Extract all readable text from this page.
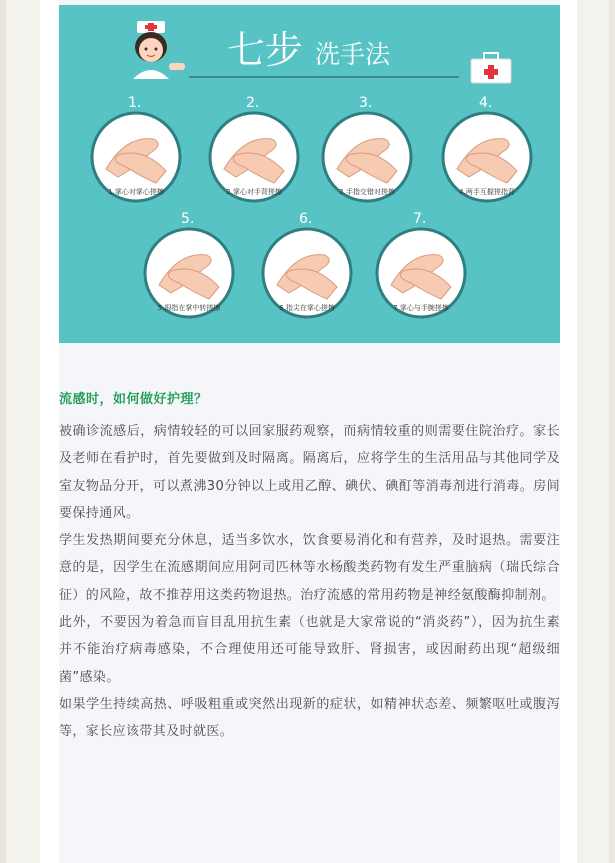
七步 洗手法
1.
1.掌心对掌心搓擦
2.
2.掌心对手背搓擦
3.
3.手指交错对搓擦
4.
4.两手互握搓指背
5.
5.拇指在掌中转搓擦
6.
6.指尖在掌心搓擦
7.
7.掌心与手腕搓擦

流感时，如何做好护理？

被确诊流感后，病情较轻的可以回家服药观察，而病情较重的则需要住院治疗。家长及老师在看护时，首先要做到及时隔离。隔离后，应将学生的生活用品与其他同学及室友物品分开，可以煮沸30分钟以上或用乙醇、碘伏、碘酊等消毒剂进行消毒。房间要保持通风。

学生发热期间要充分休息，适当多饮水，饮食要易消化和有营养，及时退热。需要注意的是，因学生在流感期间应用阿司匹林等水杨酸类药物有发生严重脑病（瑞氏综合征）的风险，故不推荐用这类药物退热。治疗流感的常用药物是神经氨酸酶抑制剂。

此外，不要因为着急而盲目乱用抗生素（也就是大家常说的“消炎药”），因为抗生素并不能治疗病毒感染，不合理使用还可能导致肝、肾损害，或因耐药出现“超级细菌”感染。

如果学生持续高热、呼吸粗重或突然出现新的症状，如精神状态差、频繁呕吐或腹泻等，家长应该带其及时就医。
